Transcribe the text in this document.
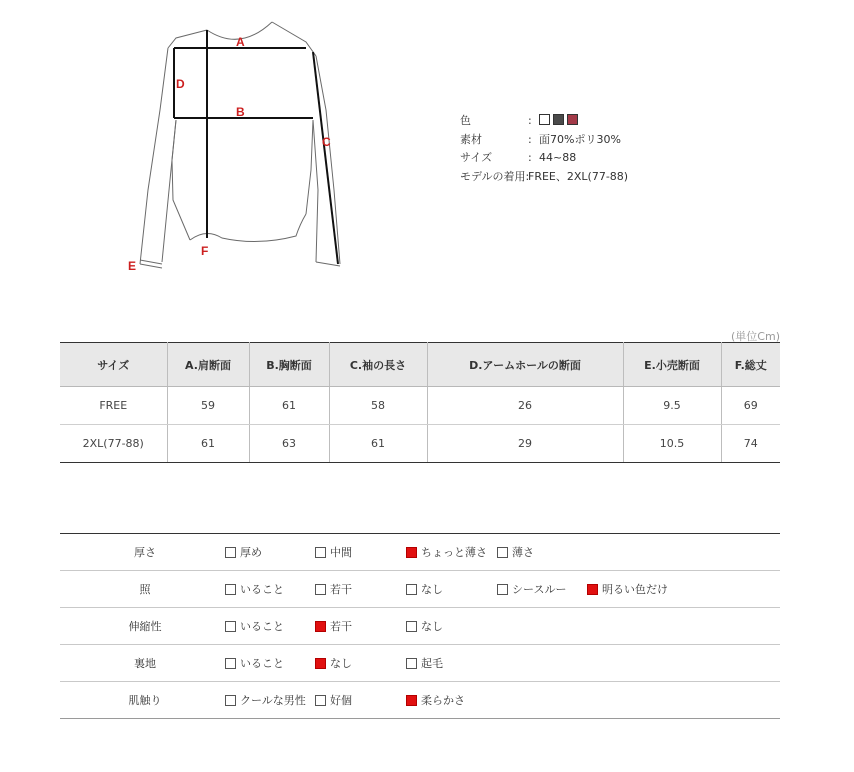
A
D
B
C
F
E
色	:
素材	: 面70%ポリ30%
サイズ	: 44~88
モデルの着用:
FREE、2XL(77-88)
(単位Cm)
サイズ	A.肩断面	B.胸断面	C.袖の長さ	D.アームホールの断面	E.小売断面	F.総丈
FREE	59	61	58	26	9.5	69
2XL(77-88)	61	63	61	29	10.5	74
厚さ	厚め 中間 ちょっと薄さ 薄さ

照	いること 若干 なし シースルー 明るい色だけ

伸縮性	いること 若干 なし

裏地	いること なし 起毛

肌触り	クールな男性 好個 柔らかさ
